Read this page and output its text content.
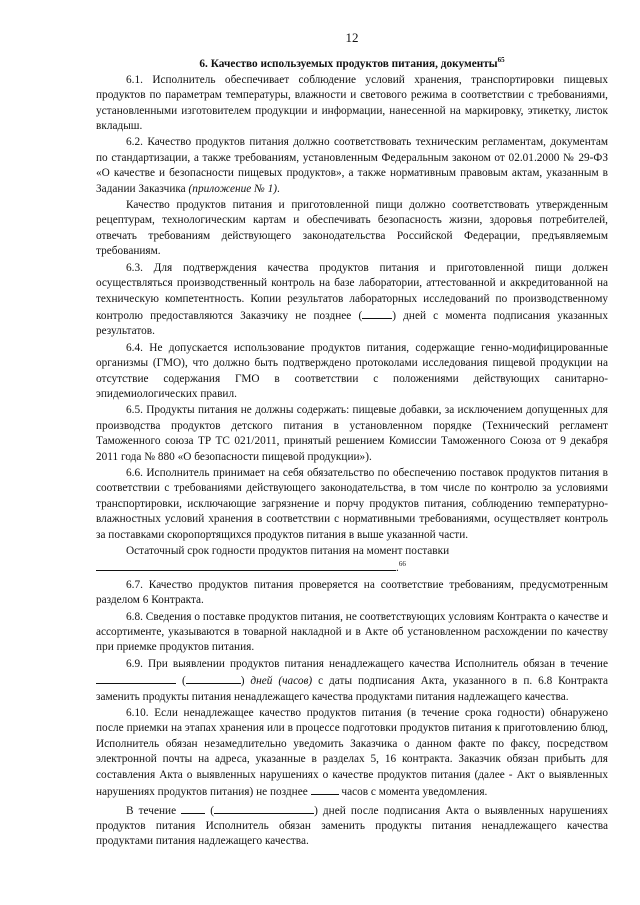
12
6. Качество используемых продуктов питания, документы$^{65}$

6.1. Исполнитель обеспечивает соблюдение условий хранения, транспортировки пищевых продуктов по параметрам температуры, влажности и светового режима в соответствии с требованиями, установленными изготовителем продукции и информации, нанесенной на маркировку, этикетку, листок вкладыш.

6.2. Качество продуктов питания должно соответствовать техническим регламентам, документам по стандартизации, а также требованиям, установленным Федеральным законом от 02.01.2000 № 29-ФЗ «О качестве и безопасности пищевых продуктов», а также нормативным правовым актам, указанным в Задании Заказчика (приложение № 1).

Качество продуктов питания и приготовленной пищи должно соответствовать утвержденным рецептурам, технологическим картам и обеспечивать безопасность жизни, здоровья потребителей, отвечать требованиям действующего законодательства Российской Федерации, предъявляемым требованиям.

6.3. Для подтверждения качества продуктов питания и приготовленной пищи должен осуществляться производственный контроль на базе лаборатории, аттестованной и аккредитованной на техническую компетентность. Копии результатов лабораторных исследований по производственному контролю предоставляются Заказчику не позднее (	) дней с момента подписания указанных результатов.

6.4. Не допускается использование продуктов питания, содержащие генно-модифицированные организмы (ГМО), что должно быть подтверждено протоколами исследования пищевой продукции на отсутствие содержания ГМО в соответствии с положениями действующих санитарно-эпидемиологических правил.

6.5. Продукты питания не должны содержать: пищевые добавки, за исключением допущенных для производства продуктов детского питания в установленном порядке (Технический регламент Таможенного союза ТР ТС 021/2011, принятый решением Комиссии Таможенного Союза от 9 декабря 2011 года № 880 «О безопасности пищевой продукции»).

6.6. Исполнитель принимает на себя обязательство по обеспечению поставок продуктов питания в соответствии с требованиями действующего законодательства, в том числе по контролю за условиями транспортировки, исключающие загрязнение и порчу продуктов питания, соблюдению температурно-влажностных условий хранения в соответствии с нормативными требованиями, осуществляет контроль за поставками скоропортящихся продуктов питания в выше указанной части.

Остаточный срок годности продуктов питания на момент поставки
.$^{66}$

6.7. Качество продуктов питания проверяется на соответствие требованиям, предусмотренным разделом 6 Контракта.

6.8. Сведения о поставке продуктов питания, не соответствующих условиям Контракта о качестве и ассортименте, указываются в товарной накладной и в Акте об установленном расхождении по качеству при приемке продуктов питания.

6.9. При выявлении продуктов питания ненадлежащего качества Исполнитель обязан в течение  (	) дней (часов) с даты подписания Акта, указанного в п. 6.8 Контракта заменить продукты питания ненадлежащего качества продуктами питания надлежащего качества.

6.10. Если ненадлежащее качество продуктов питания (в течение срока годности) обнаружено после приемки на этапах хранения или в процессе подготовки продуктов питания к приготовлению блюд, Исполнитель обязан незамедлительно уведомить Заказчика о данном факте по факсу, посредством электронной почты на адреса, указанные в разделах 5, 16 контракта. Заказчик обязан прибыть для составления Акта о выявленных нарушениях о качестве продуктов питания (далее - Акт о выявленных нарушениях продуктов питания) не позднее	часов с момента уведомления.

В течение	(	) дней после подписания Акта о выявленных нарушениях продуктов питания Исполнитель обязан заменить продукты питания ненадлежащего качества продуктами питания надлежащего качества.
